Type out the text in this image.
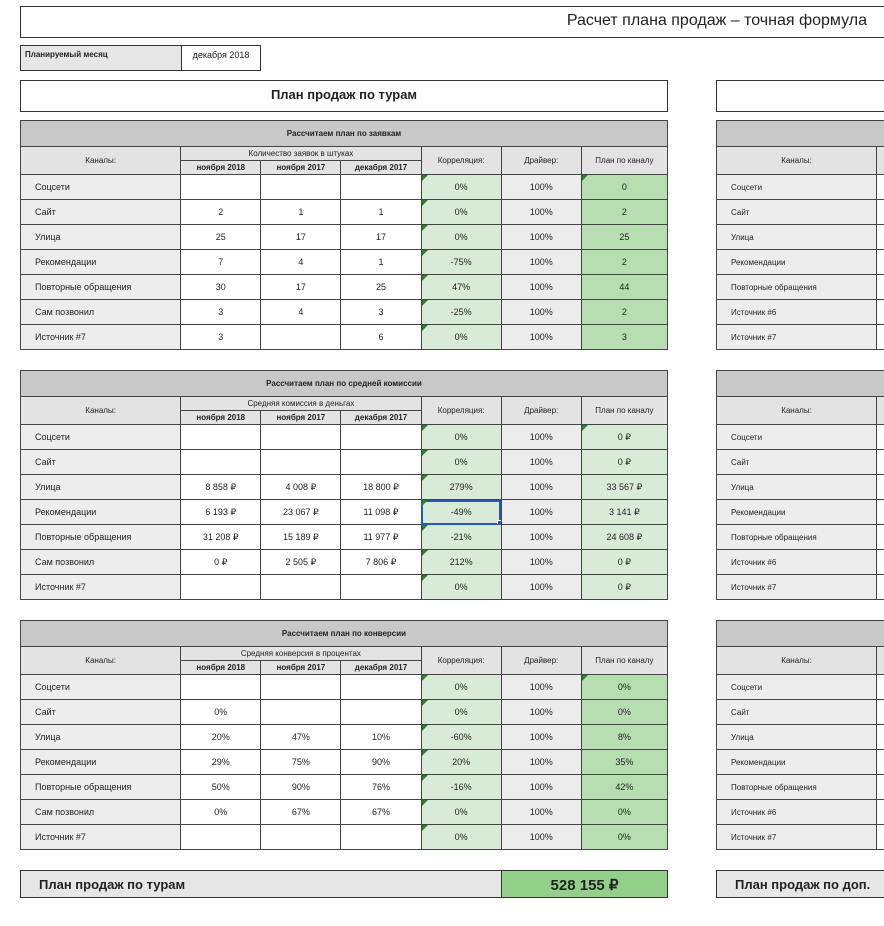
Расчет плана продаж – точная формула
Планируемый месяц	декабря 2018
План продаж по турам
Рассчитаем план по заявкам						
Каналы:	Количество заявок в штуках			Корреляция:	Драйвер:	План по каналу
	ноября 2018	ноября 2017	декабря 2017			
Соцсети				0%	100%	0
Сайт	2	1	1	0%	100%	2
Улица	25	17	17	0%	100%	25
Рекомендации	7	4	1	-75%	100%	2
Повторные обращения	30	17	25	47%	100%	44
Сам позвонил	3	4	3	-25%	100%	2
Источник #7	3		6	0%	100%	3
Рассчитаем план по средней комиссии						
Каналы:	Средняя комиссия в деньгах			Корреляция:	Драйвер:	План по каналу
	ноября 2018	ноября 2017	декабря 2017			
Соцсети				0%	100%	0 ₽
Сайт				0%	100%	0 ₽
Улица	8 858 ₽	4 008 ₽	18 800 ₽	279%	100%	33 567 ₽
Рекомендации	6 193 ₽	23 067 ₽	11 098 ₽	-49%	100%	3 141 ₽
Повторные обращения	31 208 ₽	15 189 ₽	11 977 ₽	-21%	100%	24 608 ₽
Сам позвонил	0 ₽	2 505 ₽	7 806 ₽	212%	100%	0 ₽
Источник #7				0%	100%	0 ₽
Рассчитаем план по конверсии						
Каналы:	Средняя конверсия в процентах			Корреляция:	Драйвер:	План по каналу
	ноября 2018	ноября 2017	декабря 2017			
Соцсети				0%	100%	0%
Сайт	0%			0%	100%	0%
Улица	20%	47%	10%	-60%	100%	8%
Рекомендации	29%	75%	90%	20%	100%	35%
Повторные обращения	50%	90%	76%	-16%	100%	42%
Сам позвонил	0%	67%	67%	0%	100%	0%
Источник #7				0%	100%	0%

Каналы:	
Соцсети	
Сайт	
Улица	
Рекомендации	
Повторные обращения	
Источник #6	
Источник #7	

Каналы:	
Соцсети	
Сайт	
Улица	
Рекомендации	
Повторные обращения	
Источник #6	
Источник #7	

Каналы:	
Соцсети	
Сайт	
Улица	
Рекомендации	
Повторные обращения	
Источник #6	
Источник #7	
План продаж по турам	528 155 ₽	План продаж по доп.
